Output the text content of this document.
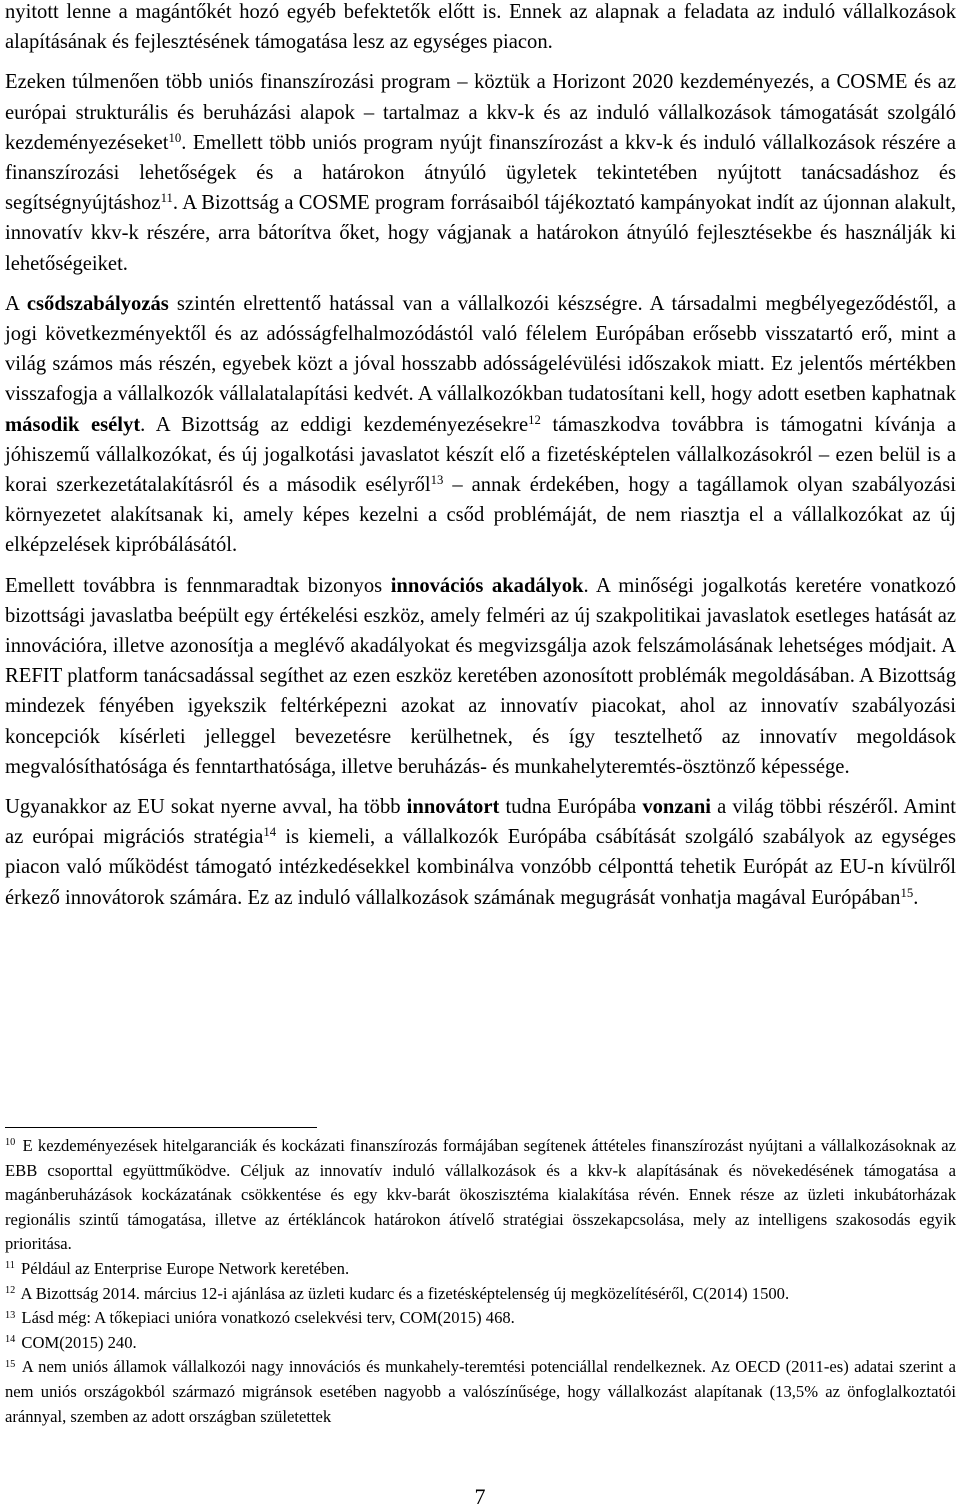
nyitott lenne a magántőkét hozó egyéb befektetők előtt is. Ennek az alapnak a feladata az induló vállalkozások alapításának és fejlesztésének támogatása lesz az egységes piacon.

Ezeken túlmenően több uniós finanszírozási program – köztük a Horizont 2020 kezdeményezés, a COSME és az európai strukturális és beruházási alapok – tartalmaz a kkv-k és az induló vállalkozások támogatását szolgáló kezdeményezéseket$^{10}$. Emellett több uniós program nyújt finanszírozást a kkv-k és induló vállalkozások részére a finanszírozási lehetőségek és a határokon átnyúló ügyletek tekintetében nyújtott tanácsadáshoz és segítségnyújtáshoz$^{11}$. A Bizottság a COSME program forrásaiból tájékoztató kampányokat indít az újonnan alakult, innovatív kkv-k részére, arra bátorítva őket, hogy vágjanak a határokon átnyúló fejlesztésekbe és használják ki lehetőségeiket.

A csődszabályozás szintén elrettentő hatással van a vállalkozói készségre. A társadalmi megbélyegeződéstől, a jogi következményektől és az adósságfelhalmozódástól való félelem Európában erősebb visszatartó erő, mint a világ számos más részén, egyebek közt a jóval hosszabb adósságelévülési időszakok miatt. Ez jelentős mértékben visszafogja a vállalkozók vállalatalapítási kedvét. A vállalkozókban tudatosítani kell, hogy adott esetben kaphatnak második esélyt. A Bizottság az eddigi kezdeményezésekre$^{12}$ támaszkodva továbbra is támogatni kívánja a jóhiszemű vállalkozókat, és új jogalkotási javaslatot készít elő a fizetésképtelen vállalkozásokról – ezen belül is a korai szerkezetátalakításról és a második esélyről$^{13}$ – annak érdekében, hogy a tagállamok olyan szabályozási környezetet alakítsanak ki, amely képes kezelni a csőd problémáját, de nem riasztja el a vállalkozókat az új elképzelések kipróbálásától.

Emellett továbbra is fennmaradtak bizonyos innovációs akadályok. A minőségi jogalkotás keretére vonatkozó bizottsági javaslatba beépült egy értékelési eszköz, amely felméri az új szakpolitikai javaslatok esetleges hatását az innovációra, illetve azonosítja a meglévő akadályokat és megvizsgálja azok felszámolásának lehetséges módjait. A REFIT platform tanácsadással segíthet az ezen eszköz keretében azonosított problémák megoldásában. A Bizottság mindezek fényében igyekszik feltérképezni azokat az innovatív piacokat, ahol az innovatív szabályozási koncepciók kísérleti jelleggel bevezetésre kerülhetnek, és így tesztelhető az innovatív megoldások megvalósíthatósága és fenntarthatósága, illetve beruházás- és munkahelyteremtés-ösztönző képessége.

Ugyanakkor az EU sokat nyerne avval, ha több innovátort tudna Európába vonzani a világ többi részéről. Amint az európai migrációs stratégia$^{14}$ is kiemeli, a vállalkozók Európába csábítását szolgáló szabályok az egységes piacon való működést támogató intézkedésekkel kombinálva vonzóbb célponttá tehetik Európát az EU-n kívülről érkező innovátorok számára. Ez az induló vállalkozások számának megugrását vonhatja magával Európában$^{15}$.

$^{10}$ E kezdeményezések hitelgaranciák és kockázati finanszírozás formájában segítenek áttételes finanszírozást nyújtani a vállalkozásoknak az EBB csoporttal együttműködve. Céljuk az innovatív induló vállalkozások és a kkv-k alapításának és növekedésének támogatása a magánberuházások kockázatának csökkentése és egy kkv-barát ökoszisztéma kialakítása révén. Ennek része az üzleti inkubátorházak regionális szintű támogatása, illetve az értékláncok határokon átívelő stratégiai összekapcsolása, mely az intelligens szakosodás egyik prioritása.

$^{11}$ Például az Enterprise Europe Network keretében.

$^{12}$ A Bizottság 2014. március 12-i ajánlása az üzleti kudarc és a fizetésképtelenség új megközelítéséről, C(2014) 1500.

$^{13}$ Lásd még: A tőkepiaci unióra vonatkozó cselekvési terv, COM(2015) 468.

$^{14}$ COM(2015) 240.

$^{15}$ A nem uniós államok vállalkozói nagy innovációs és munkahely-teremtési potenciállal rendelkeznek. Az OECD (2011-es) adatai szerint a nem uniós országokból származó migránsok esetében nagyobb a valószínűsége, hogy vállalkozást alapítanak (13,5% az önfoglalkoztatói aránnyal, szemben az adott országban születettek

7
